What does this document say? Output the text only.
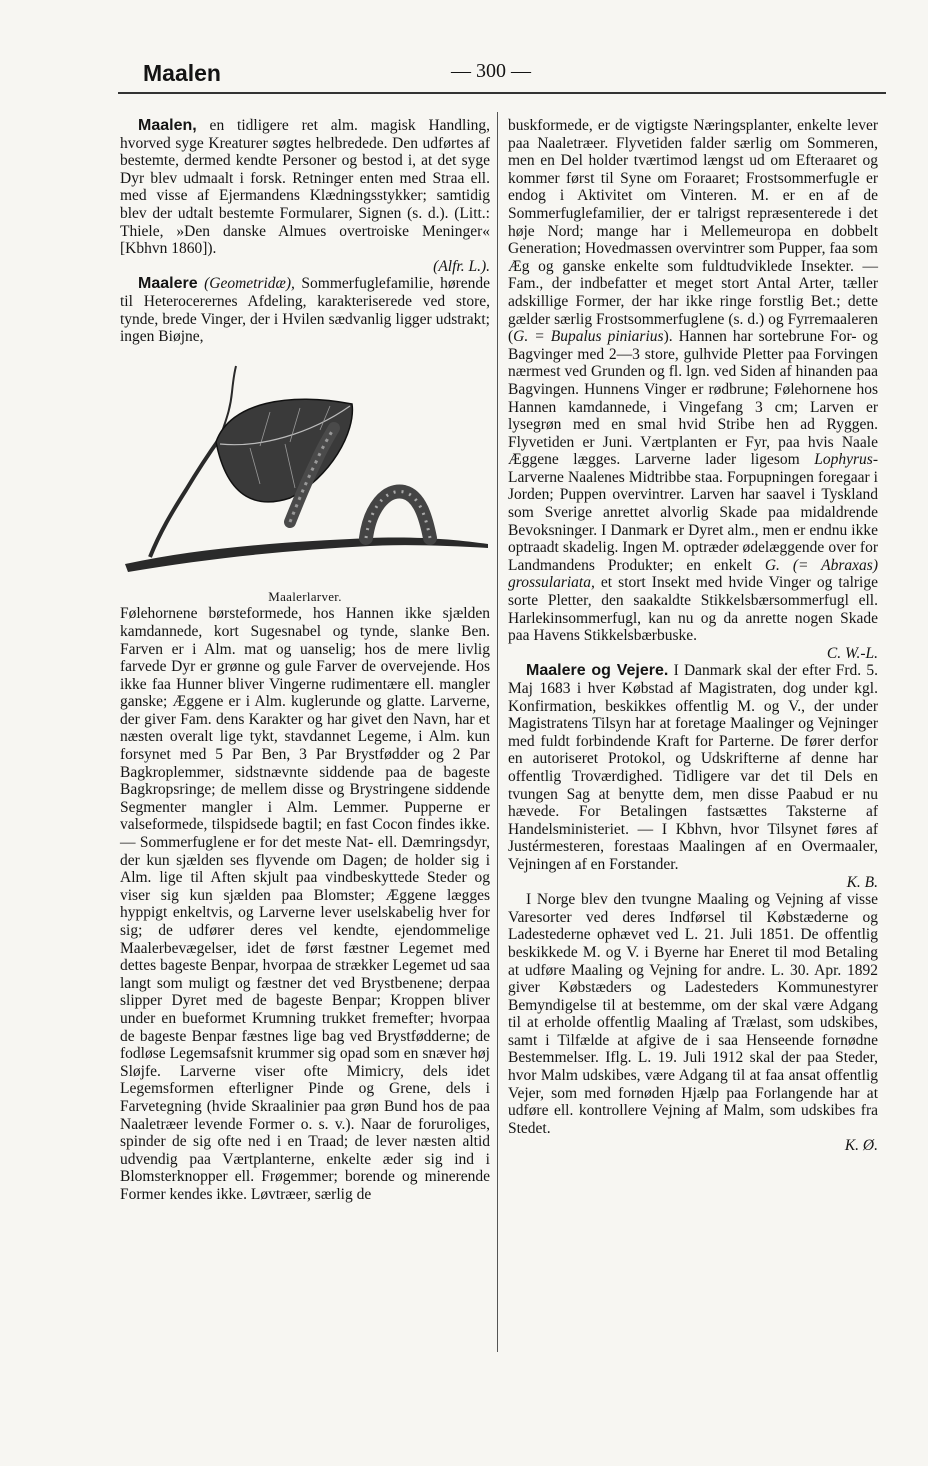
Maalen	— 300 —

Maalen, en tidligere ret alm. magisk Handling, hvorved syge Kreaturer søgtes helbredede. Den udførtes af bestemte, dermed kendte Personer og bestod i, at det syge Dyr blev udmaalt i forsk. Retninger enten med Straa ell. med visse af Ejermandens Klædningsstykker; samtidig blev der udtalt bestemte Formularer, Signen (s. d.). (Litt.: Thiele, »Den danske Almues overtroiske Meninger« [Kbhvn 1860]).

(Alfr. L.).

Maalere (Geometridæ), Sommerfuglefamilie, hørende til Heterocerernes Afdeling, karakteriserede ved store, tynde, brede Vinger, der i Hvilen sædvanlig ligger udstrakt; ingen Biøjne,

Maalerlarver.

Følehornene børsteformede, hos Hannen ikke sjælden kamdannede, kort Sugesnabel og tynde, slanke Ben. Farven er i Alm. mat og uanselig; hos de mere livlig farvede Dyr er grønne og gule Farver de overvejende. Hos ikke faa Hunner bliver Vingerne rudimentære ell. mangler ganske; Æggene er i Alm. kuglerunde og glatte. Larverne, der giver Fam. dens Karakter og har givet den Navn, har et næsten overalt lige tykt, stavdannet Legeme, i Alm. kun forsynet med 5 Par Ben, 3 Par Brystfødder og 2 Par Bagkroplemmer, sidstnævnte siddende paa de bageste Bagkropsringe; de mellem disse og Brystringene siddende Segmenter mangler i Alm. Lemmer. Pupperne er valseformede, tilspidsede bagtil; en fast Cocon findes ikke. — Sommerfuglene er for det meste Nat- ell. Dæmringsdyr, der kun sjælden ses flyvende om Dagen; de holder sig i Alm. lige til Aften skjult paa vindbeskyttede Steder og viser sig kun sjælden paa Blomster; Æggene lægges hyppigt enkeltvis, og Larverne lever uselskabelig hver for sig; de udfører deres vel kendte, ejendommelige Maalerbevægelser, idet de først fæstner Legemet med dettes bageste Benpar, hvorpaa de strækker Legemet ud saa langt som muligt og fæstner det ved Brystbenene; derpaa slipper Dyret med de bageste Benpar; Kroppen bliver under en bueformet Krumning trukket fremefter; hvorpaa de bageste Benpar fæstnes lige bag ved Brystfødderne; de fodløse Legemsafsnit krummer sig opad som en snæver høj Sløjfe. Larverne viser ofte Mimicry, dels idet Legemsformen efterligner Pinde og Grene, dels i Farvetegning (hvide Skraalinier paa grøn Bund hos de paa Naaletræer levende Former o. s. v.). Naar de foruroliges, spinder de sig ofte ned i en Traad; de lever næsten altid udvendig paa Værtplanterne, enkelte æder sig ind i Blomsterknopper ell. Frøgemmer; borende og minerende Former kendes ikke. Løvtræer, særlig de

buskformede, er de vigtigste Næringsplanter, enkelte lever paa Naaletræer. Flyvetiden falder særlig om Sommeren, men en Del holder tværtimod længst ud om Efteraaret og kommer først til Syne om Foraaret; Frostsommerfugle er endog i Aktivitet om Vinteren. M. er en af de Sommerfuglefamilier, der er talrigst repræsenterede i det høje Nord; mange har i Mellemeuropa en dobbelt Generation; Hovedmassen overvintrer som Pupper, faa som Æg og ganske enkelte som fuldtudviklede Insekter. — Fam., der indbefatter et meget stort Antal Arter, tæller adskillige Former, der har ikke ringe forstlig Bet.; dette gælder særlig Frostsommerfuglene (s. d.) og Fyrremaaleren (G. = Bupalus piniarius). Hannen har sortebrune For- og Bagvinger med 2—3 store, gulhvide Pletter paa Forvingen nærmest ved Grunden og fl. lgn. ved Siden af hinanden paa Bagvingen. Hunnens Vinger er rødbrune; Følehornene hos Hannen kamdannede, i Vingefang 3 cm; Larven er lysegrøn med en smal hvid Stribe hen ad Ryggen. Flyvetiden er Juni. Værtplanten er Fyr, paa hvis Naale Æggene lægges. Larverne lader ligesom Lophyrus-Larverne Naalenes Midtribbe staa. Forpupningen foregaar i Jorden; Puppen overvintrer. Larven har saavel i Tyskland som Sverige anrettet alvorlig Skade paa midaldrende Bevoksninger. I Danmark er Dyret alm., men er endnu ikke optraadt skadelig. Ingen M. optræder ødelæggende over for Landmandens Produkter; en enkelt G. (= Abraxas) grossulariata, et stort Insekt med hvide Vinger og talrige sorte Pletter, den saakaldte Stikkelsbærsommerfugl ell. Harlekinsommerfugl, kan nu og da anrette nogen Skade paa Havens Stikkelsbærbuske.

C. W.-L.

Maalere og Vejere. I Danmark skal der efter Frd. 5. Maj 1683 i hver Købstad af Magistraten, dog under kgl. Konfirmation, beskikkes offentlig M. og V., der under Magistratens Tilsyn har at foretage Maalinger og Vejninger med fuldt forbindende Kraft for Parterne. De fører derfor en autoriseret Protokol, og Udskrifterne af denne har offentlig Troværdighed. Tidligere var det til Dels en tvungen Sag at benytte dem, men disse Paabud er nu hævede. For Betalingen fastsættes Taksterne af Handelsministeriet. — I Kbhvn, hvor Tilsynet føres af Justérmesteren, forestaas Maalingen af en Overmaaler, Vejningen af en Forstander.

K. B.

I Norge blev den tvungne Maaling og Vejning af visse Varesorter ved deres Indførsel til Købstæderne og Ladestederne ophævet ved L. 21. Juli 1851. De offentlig beskikkede M. og V. i Byerne har Eneret til mod Betaling at udføre Maaling og Vejning for andre. L. 30. Apr. 1892 giver Købstæders og Ladesteders Kommunestyrer Bemyndigelse til at bestemme, om der skal være Adgang til at erholde offentlig Maaling af Trælast, som udskibes, samt i Tilfælde at afgive de i saa Henseende fornødne Bestemmelser. Iflg. L. 19. Juli 1912 skal der paa Steder, hvor Malm udskibes, være Adgang til at faa ansat offentlig Vejer, som med fornøden Hjælp paa Forlangende har at udføre ell. kontrollere Vejning af Malm, som udskibes fra Stedet.

K. Ø.
